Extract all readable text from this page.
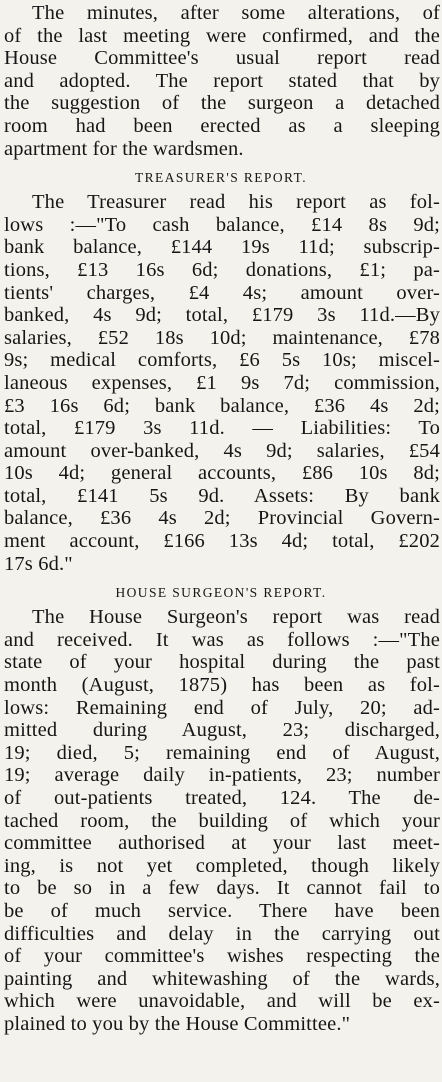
The minutes, after some alterations, of
of the last meeting were confirmed, and the
House Committee's usual report read
and adopted. The report stated that by
the suggestion of the surgeon a detached
room had been erected as a sleeping
apartment for the wardsmen.
TREASURER'S REPORT.
The Treasurer read his report as fol-
lows :—"To cash balance, £14 8s 9d;
bank balance, £144 19s 11d; subscrip-
tions, £13 16s 6d; donations, £1; pa-
tients' charges, £4 4s; amount over-
banked, 4s 9d; total, £179 3s 11d.—By
salaries, £52 18s 10d; maintenance, £78
9s; medical comforts, £6 5s 10s; miscel-
laneous expenses, £1 9s 7d; commission,
£3 16s 6d; bank balance, £36 4s 2d;
total, £179 3s 11d. — Liabilities: To
amount over-banked, 4s 9d; salaries, £54
10s 4d; general accounts, £86 10s 8d;
total, £141 5s 9d. Assets: By bank
balance, £36 4s 2d; Provincial Govern-
ment account, £166 13s 4d; total, £202
17s 6d."
HOUSE SURGEON'S REPORT.
The House Surgeon's report was read
and received. It was as follows :—"The
state of your hospital during the past
month (August, 1875) has been as fol-
lows: Remaining end of July, 20; ad-
mitted during August, 23; discharged,
19; died, 5; remaining end of August,
19; average daily in-patients, 23; number
of out-patients treated, 124. The de-
tached room, the building of which your
committee authorised at your last meet-
ing, is not yet completed, though likely
to be so in a few days. It cannot fail to
be of much service. There have been
difficulties and delay in the carrying out
of your committee's wishes respecting the
painting and whitewashing of the wards,
which were unavoidable, and will be ex-
plained to you by the House Committee."
